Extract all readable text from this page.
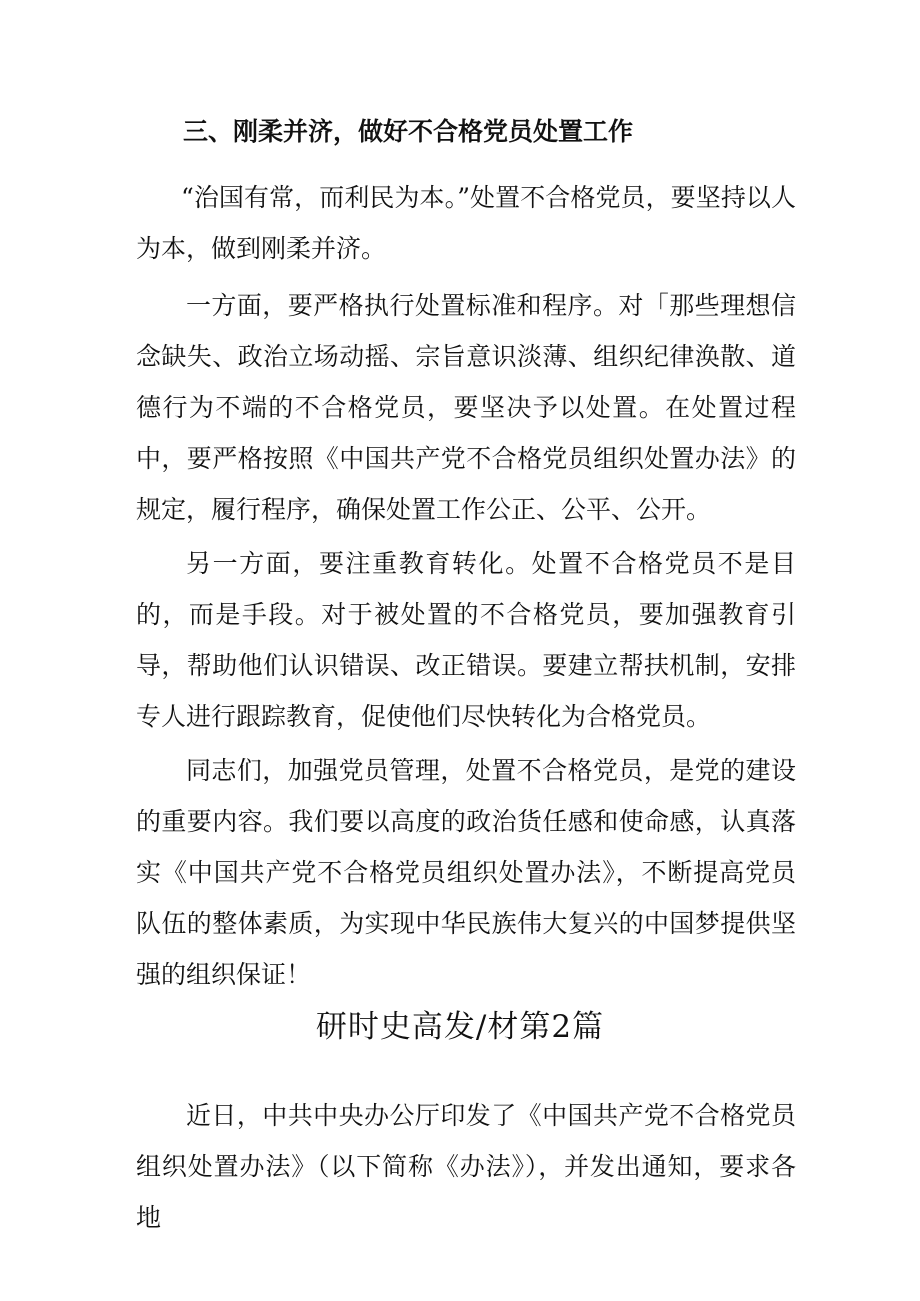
三、刚柔并济，做好不合格党员处置工作

“治国有常，而利民为本。”处置不合格党员，要坚持以人为本，做到刚柔并济。

一方面，要严格执行处置标准和程序。对「那些理想信念缺失、政治立场动摇、宗旨意识淡薄、组织纪律涣散、道德行为不端的不合格党员，要坚决予以处置。在处置过程中，要严格按照《中国共产党不合格党员组织处置办法》的规定，履行程序，确保处置工作公正、公平、公开。

另一方面，要注重教育转化。处置不合格党员不是目的，而是手段。对于被处置的不合格党员，要加强教育引导，帮助他们认识错误、改正错误。要建立帮扶机制，安排专人进行跟踪教育，促使他们尽快转化为合格党员。

同志们，加强党员管理，处置不合格党员，是党的建设的重要内容。我们要以高度的政治货任感和使命感，认真落实《中国共产党不合格党员组织处置办法》，不断提高党员队伍的整体素质，为实现中华民族伟大复兴的中国梦提供坚强的组织保证！

研时史高发/材第2篇

近日，中共中央办公厅印发了《中国共产党不合格党员组织处置办法》（以下简称《办法》），并发出通知，要求各地
